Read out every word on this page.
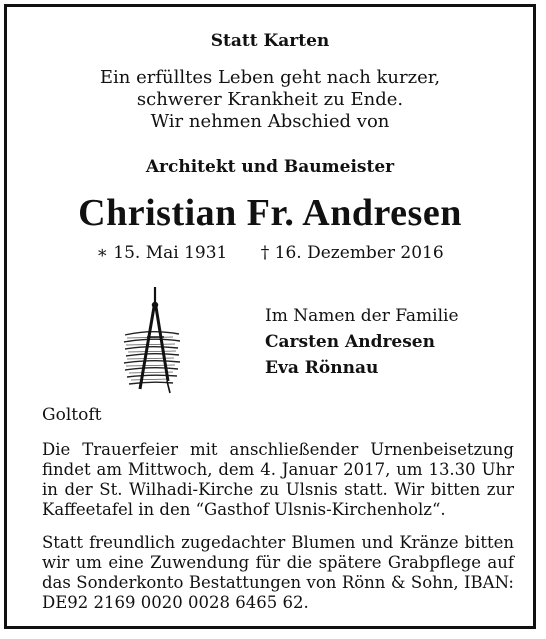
Statt Karten
Ein erfülltes Leben geht nach kurzer,
schwerer Krankheit zu Ende.
Wir nehmen Abschied von
Architekt und Baumeister
Christian Fr. Andresen
∗ 15. Mai 1931 † 16. Dezember 2016
Im Namen der Familie
Carsten Andresen
Eva Rönnau
Goltoft
Die Trauerfeier mit anschließender Urnenbeisetzung findet am Mittwoch, dem 4. Januar 2017, um 13.30 Uhr in der St. Wilhadi-Kirche zu Ulsnis statt. Wir bitten zur Kaffeetafel in den “Gasthof Ulsnis-Kirchenholz“.
Statt freundlich zugedachter Blumen und Kränze bitten wir um eine Zuwendung für die spätere Grabpflege auf das Sonderkonto Bestattungen von Rönn & Sohn, IBAN: DE92 2169 0020 0028 6465 62.
